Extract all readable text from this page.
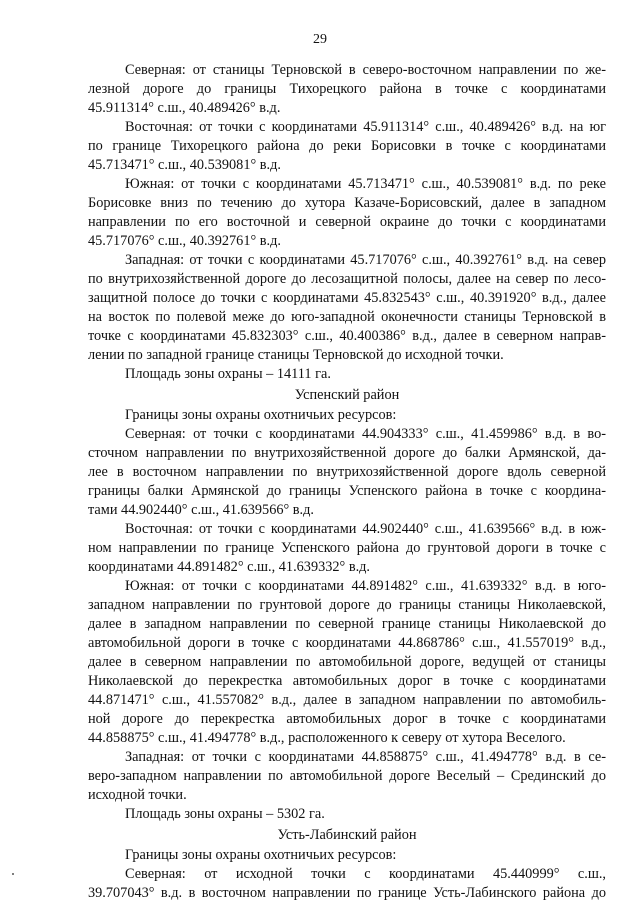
29
Северная: от станицы Терновской в северо-восточном направлении по же-
лезной дороге до границы Тихорецкого района в точке с координатами
45.911314° с.ш., 40.489426° в.д.
Восточная: от точки с координатами 45.911314° с.ш., 40.489426° в.д. на юг
по границе Тихорецкого района до реки Борисовки в точке с координатами
45.713471° с.ш., 40.539081° в.д.
Южная: от точки с координатами 45.713471° с.ш., 40.539081° в.д. по реке
Борисовке вниз по течению до хутора Казаче-Борисовский, далее в западном
направлении по его восточной и северной окраине до точки с координатами
45.717076° с.ш., 40.392761° в.д.
Западная: от точки с координатами 45.717076° с.ш., 40.392761° в.д. на север
по внутрихозяйственной дороге до лесозащитной полосы, далее на север по лесо-
защитной полосе до точки с координатами 45.832543° с.ш., 40.391920° в.д., далее
на восток по полевой меже до юго-западной оконечности станицы Терновской в
точке с координатами 45.832303° с.ш., 40.400386° в.д., далее в северном направ-
лении по западной границе станицы Терновской до исходной точки.
Площадь зоны охраны – 14111 га.
Успенский район
Границы зоны охраны охотничьих ресурсов:
Северная: от точки с координатами 44.904333° с.ш., 41.459986° в.д. в во-
сточном направлении по внутрихозяйственной дороге до балки Армянской, да-
лее в восточном направлении по внутрихозяйственной дороге вдоль северной
границы балки Армянской до границы Успенского района в точке с координа-
тами 44.902440° с.ш., 41.639566° в.д.
Восточная: от точки с координатами 44.902440° с.ш., 41.639566° в.д. в юж-
ном направлении по границе Успенского района до грунтовой дороги в точке с
координатами 44.891482° с.ш., 41.639332° в.д.
Южная: от точки с координатами 44.891482° с.ш., 41.639332° в.д. в юго-
западном направлении по грунтовой дороге до границы станицы Николаевской,
далее в западном направлении по северной границе станицы Николаевской до
автомобильной дороги в точке с координатами 44.868786° с.ш., 41.557019° в.д.,
далее в северном направлении по автомобильной дороге, ведущей от станицы
Николаевской до перекрестка автомобильных дорог в точке с координатами
44.871471° с.ш., 41.557082° в.д., далее в западном направлении по автомобиль-
ной дороге до перекрестка автомобильных дорог в точке с координатами
44.858875° с.ш., 41.494778° в.д., расположенного к северу от хутора Веселого.
Западная: от точки с координатами 44.858875° с.ш., 41.494778° в.д. в се-
веро-западном направлении по автомобильной дороге Веселый – Срединский до
исходной точки.
Площадь зоны охраны – 5302 га.
Усть-Лабинский район
Границы зоны охраны охотничьих ресурсов:
Северная: от исходной точки с координатами 45.440999° с.ш.,
39.707043° в.д. в восточном направлении по границе Усть-Лабинского района до
